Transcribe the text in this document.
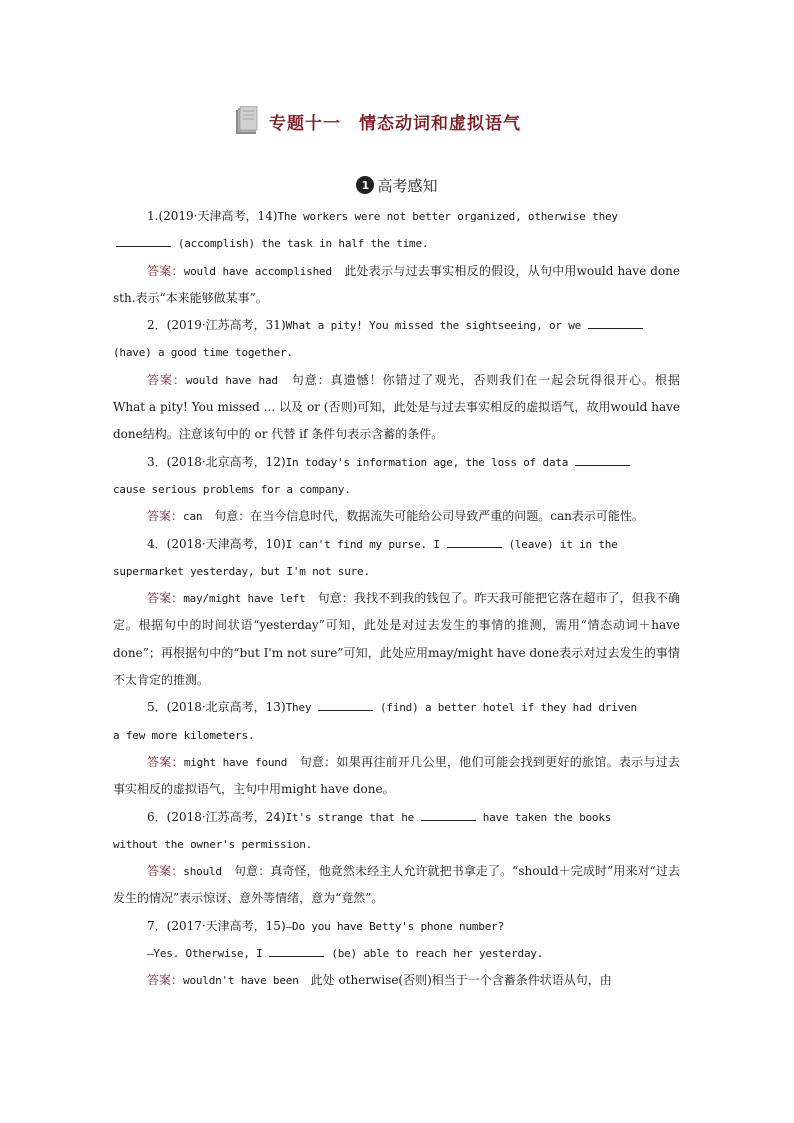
专题十一　情态动词和虚拟语气
1 高考感知

1.(2019·天津高考，14)The workers were not better organized, otherwise they

(accomplish) the task in half the time.

答案：would have accomplished　此处表示与过去事实相反的假设，从句中用would have done sth.表示“本来能够做某事”。

2．(2019·江苏高考，31)What a pity! You missed the sightseeing, or we

(have) a good time together.

答案：would have had　句意：真遗憾！你错过了观光，否则我们在一起会玩得很开心。根据 What a pity! You missed ... 以及 or (否则)可知，此处是与过去事实相反的虚拟语气，故用would have done结构。注意该句中的 or 代替 if 条件句表示含蓄的条件。

3．(2018·北京高考，12)In today's information age, the loss of data

cause serious problems for a company.

答案：can　句意：在当今信息时代，数据流失可能给公司导致严重的问题。can表示可能性。

4．(2018·天津高考，10)I can't find my purse. I	(leave) it in the

supermarket yesterday, but I'm not sure.

答案：may/might have left　句意：我找不到我的钱包了。昨天我可能把它落在超市了，但我不确定。根据句中的时间状语“yesterday”可知，此处是对过去发生的事情的推测，需用“情态动词＋have done”；再根据句中的“but I'm not sure”可知，此处应用may/might have done表示对过去发生的事情不太肯定的推测。

5．(2018·北京高考，13)They	(find) a better hotel if they had driven

a few more kilometers.

答案：might have found　句意：如果再往前开几公里，他们可能会找到更好的旅馆。表示与过去事实相反的虚拟语气，主句中用might have done。

6．(2018·江苏高考，24)It's strange that he	have taken the books

without the owner's permission.

答案：should　句意：真奇怪，他竟然未经主人允许就把书拿走了。“should＋完成时”用来对“过去发生的情况”表示惊讶、意外等情绪，意为“竟然”。

7．(2017·天津高考，15)—Do you have Betty's phone number?

—Yes. Otherwise, I	(be) able to reach her yesterday.

答案：wouldn't have been　此处 otherwise(否则)相当于一个含蓄条件状语从句，由
